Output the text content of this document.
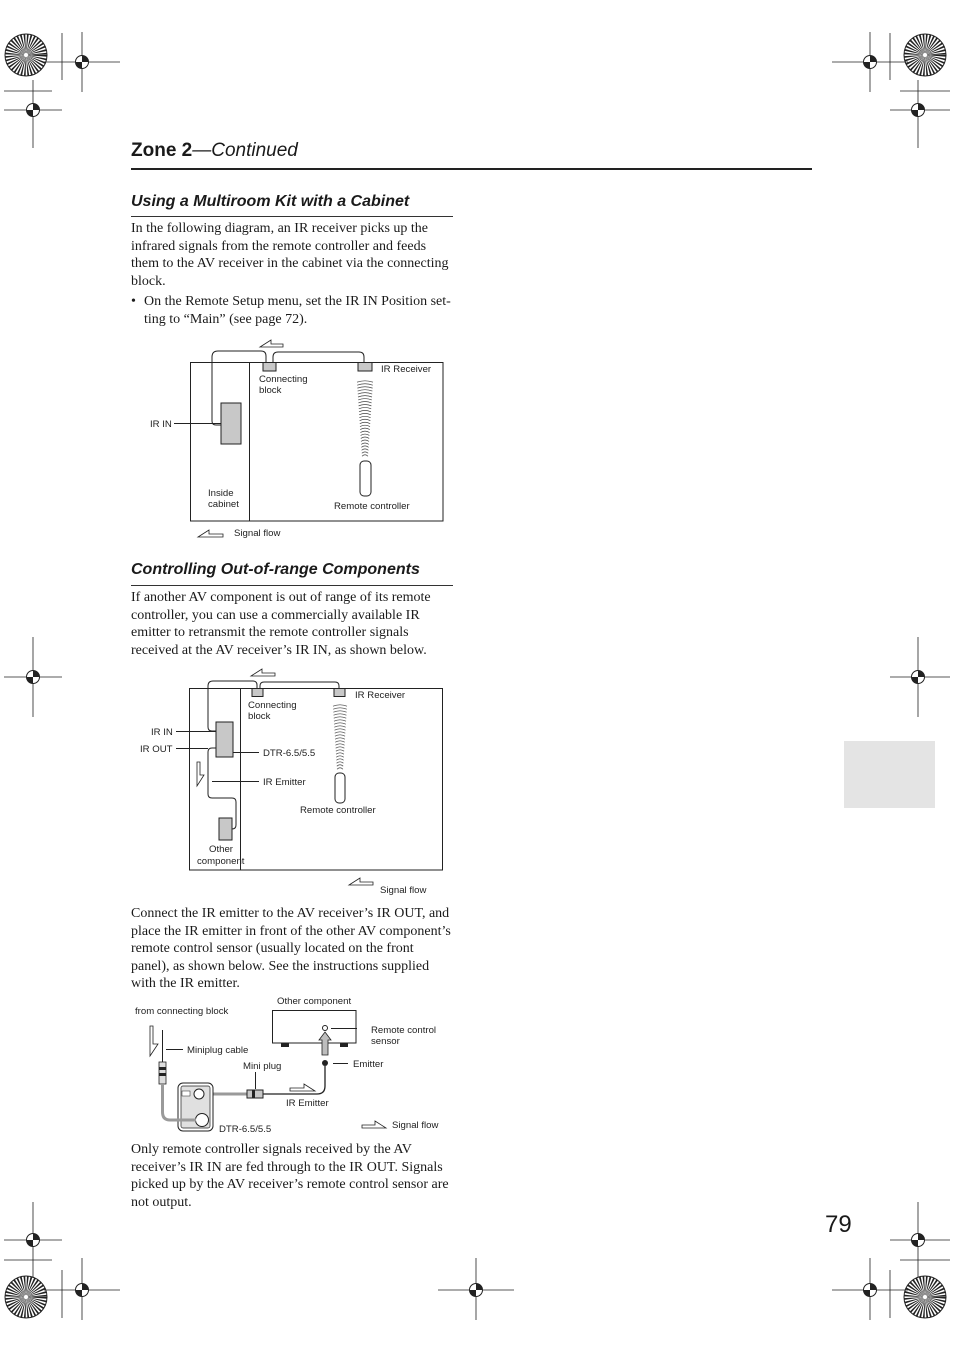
Connecting
block
IR Receiver
IR IN
Inside
cabinet	Remote controller
Signal flow
Connecting
block
IR Receiver
IR IN
IR OUT	DTR-6.5/5.5
IR Emitter
Remote controller
Other
component
Signal flow
Other component
Remote control
sensor
Emitter
Mini plug
IR Emitter
from connecting block
Miniplug cable
DTR-6.5/5.5	Signal flow
Zone 2—Continued
Using a Multiroom Kit with a Cabinet
In the following diagram, an IR receiver picks up the
infrared signals from the remote controller and feeds
them to the AV receiver in the cabinet via the connecting
block.
• On the Remote Setup menu, set the IR IN Position set-
ting to “Main” (see page 72).
Controlling Out-of-range Components
If another AV component is out of range of its remote
controller, you can use a commercially available IR
emitter to retransmit the remote controller signals
received at the AV receiver’s IR IN, as shown below.
Connect the IR emitter to the AV receiver’s IR OUT, and
place the IR emitter in front of the other AV component’s
remote control sensor (usually located on the front
panel), as shown below. See the instructions supplied
with the IR emitter.
Only remote controller signals received by the AV
receiver’s IR IN are fed through to the IR OUT. Signals
picked up by the AV receiver’s remote control sensor are
not output.
79
